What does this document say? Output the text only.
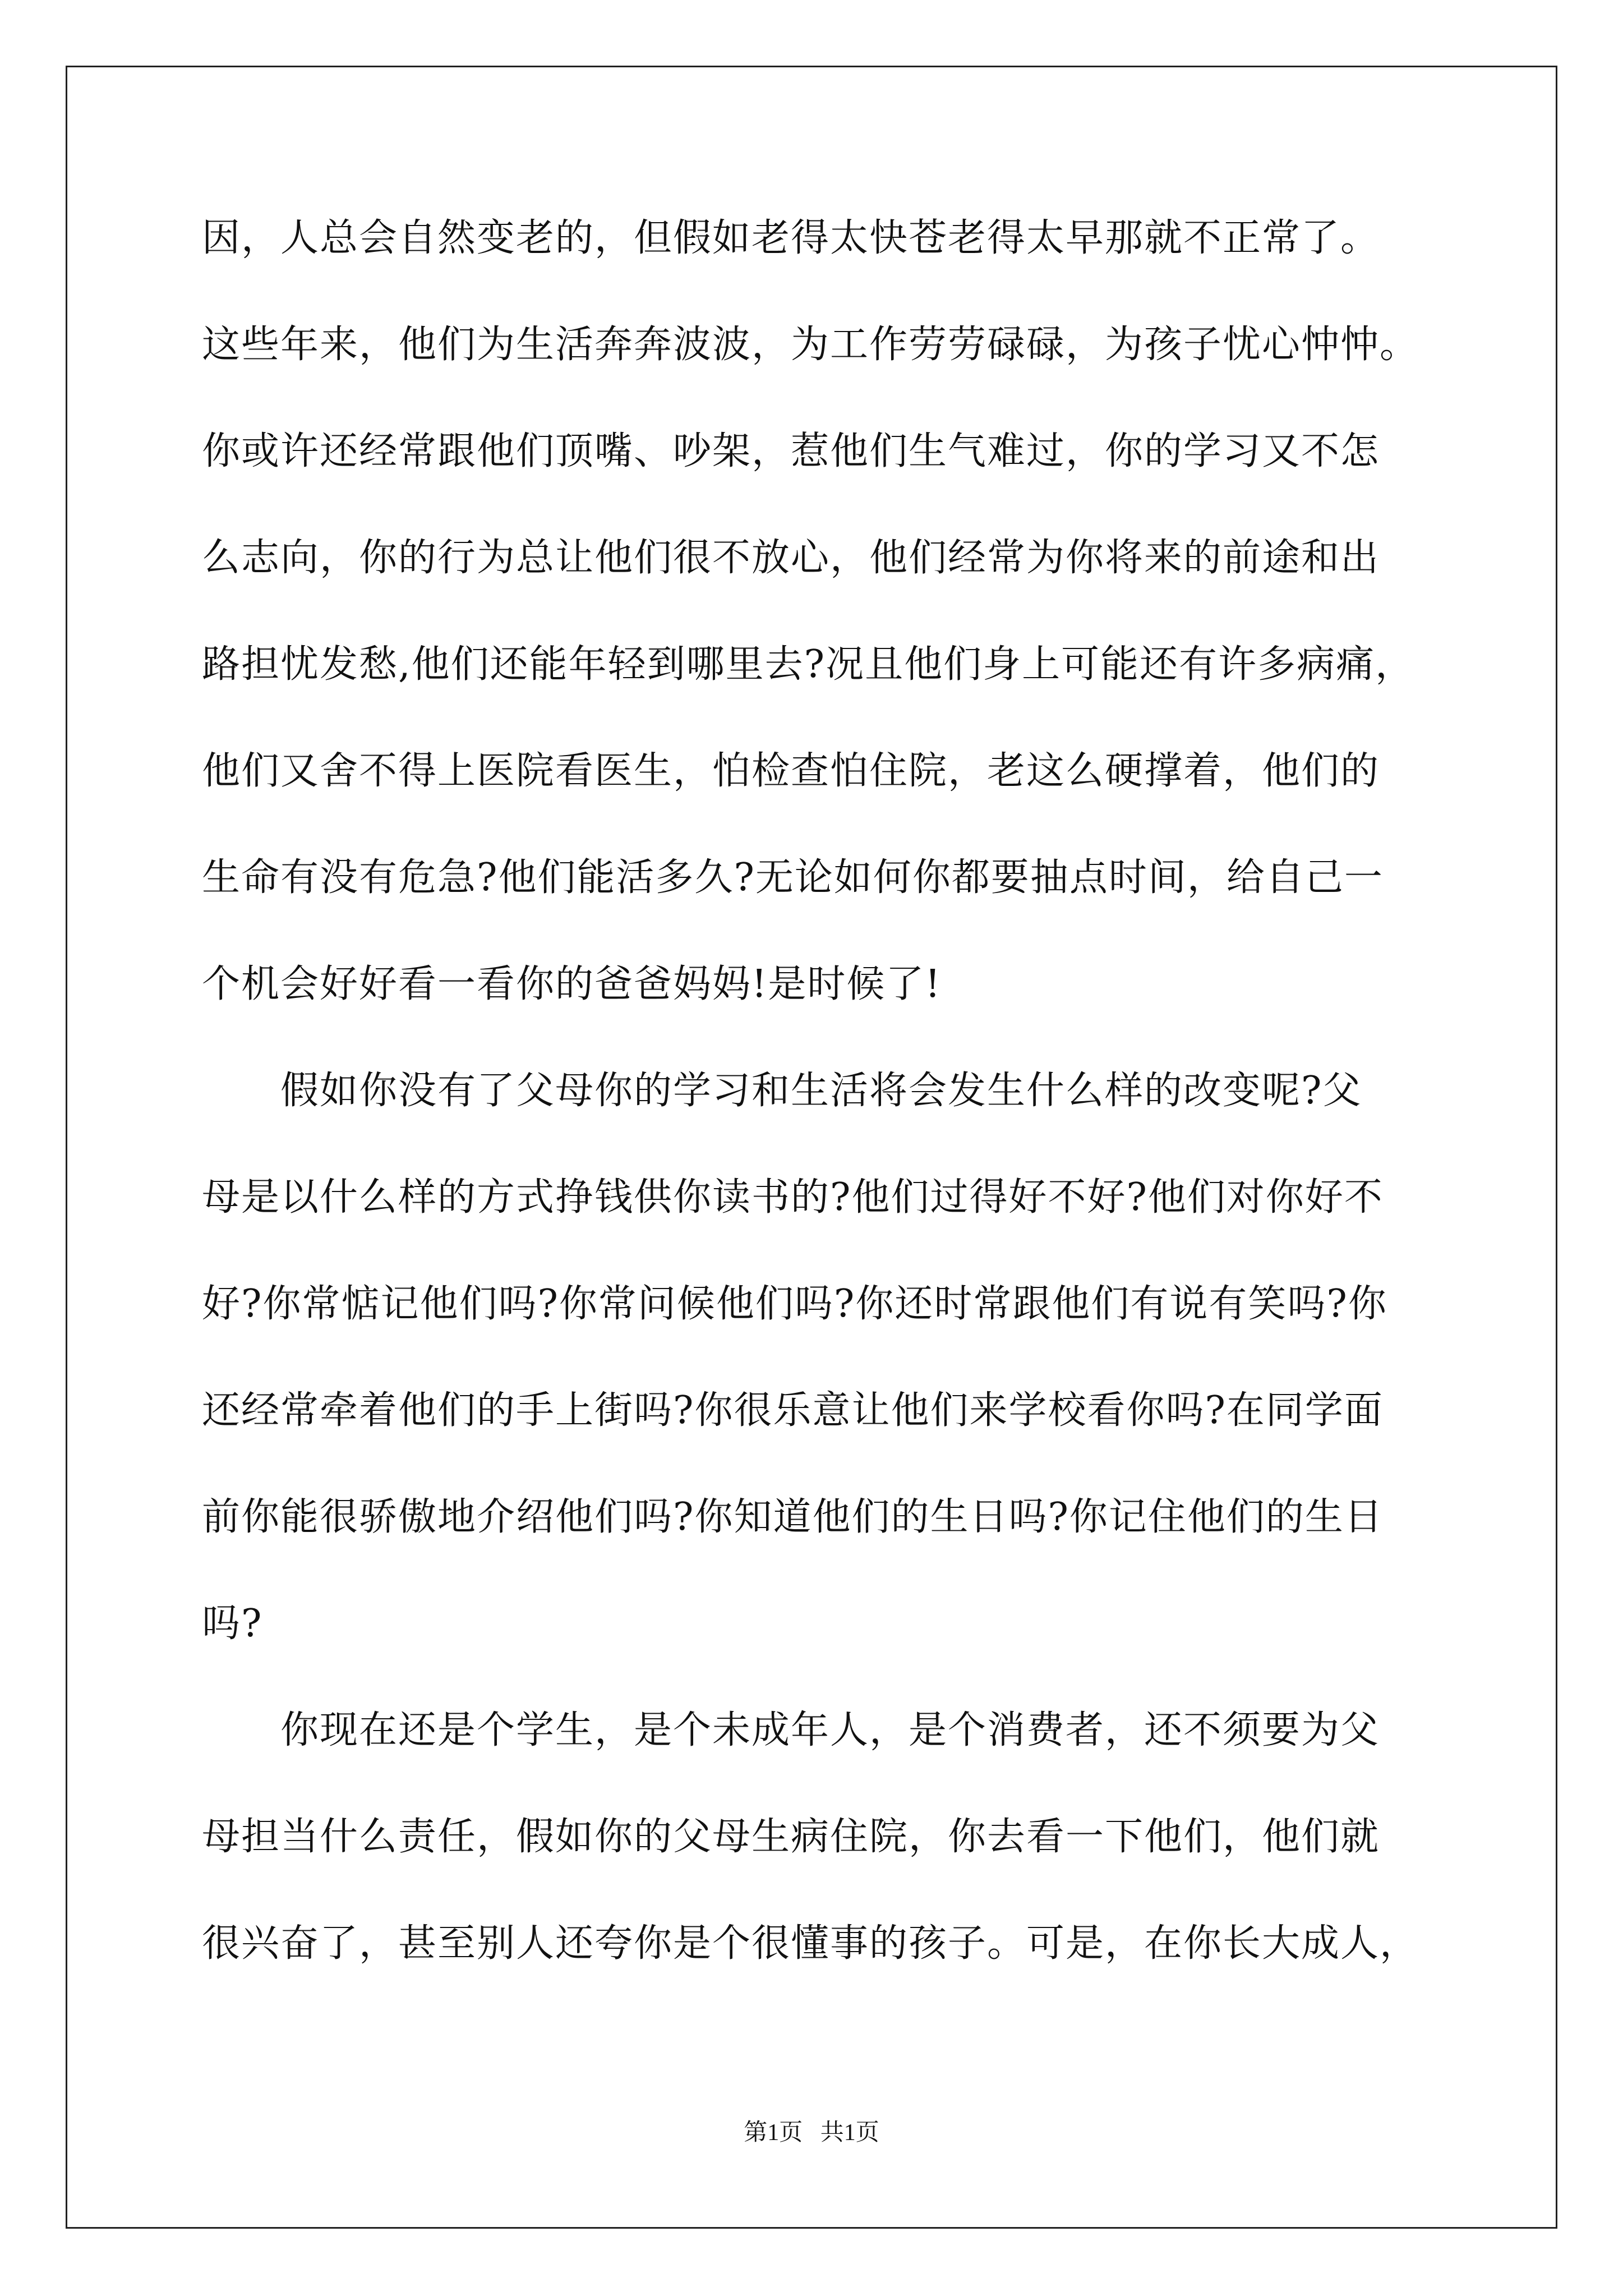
因，人总会自然变老的，但假如老得太快苍老得太早那就不正常了。
这些年来，他们为生活奔奔波波，为工作劳劳碌碌，为孩子忧心忡忡。
你或许还经常跟他们顶嘴、吵架，惹他们生气难过，你的学习又不怎
么志向，你的行为总让他们很不放心，他们经常为你将来的前途和出
路担忧发愁,他们还能年轻到哪里去?况且他们身上可能还有许多病痛，
他们又舍不得上医院看医生，怕检查怕住院，老这么硬撑着，他们的
生命有没有危急?他们能活多久?无论如何你都要抽点时间，给自己一
个机会好好看一看你的爸爸妈妈!是时候了!
假如你没有了父母你的学习和生活将会发生什么样的改变呢?父
母是以什么样的方式挣钱供你读书的?他们过得好不好?他们对你好不
好?你常惦记他们吗?你常问候他们吗?你还时常跟他们有说有笑吗?你
还经常牵着他们的手上街吗?你很乐意让他们来学校看你吗?在同学面
前你能很骄傲地介绍他们吗?你知道他们的生日吗?你记住他们的生日
吗?
你现在还是个学生，是个未成年人，是个消费者，还不须要为父
母担当什么责任，假如你的父母生病住院，你去看一下他们，他们就
很兴奋了，甚至别人还夸你是个很懂事的孩子。可是，在你长大成人，
第1页   共1页
